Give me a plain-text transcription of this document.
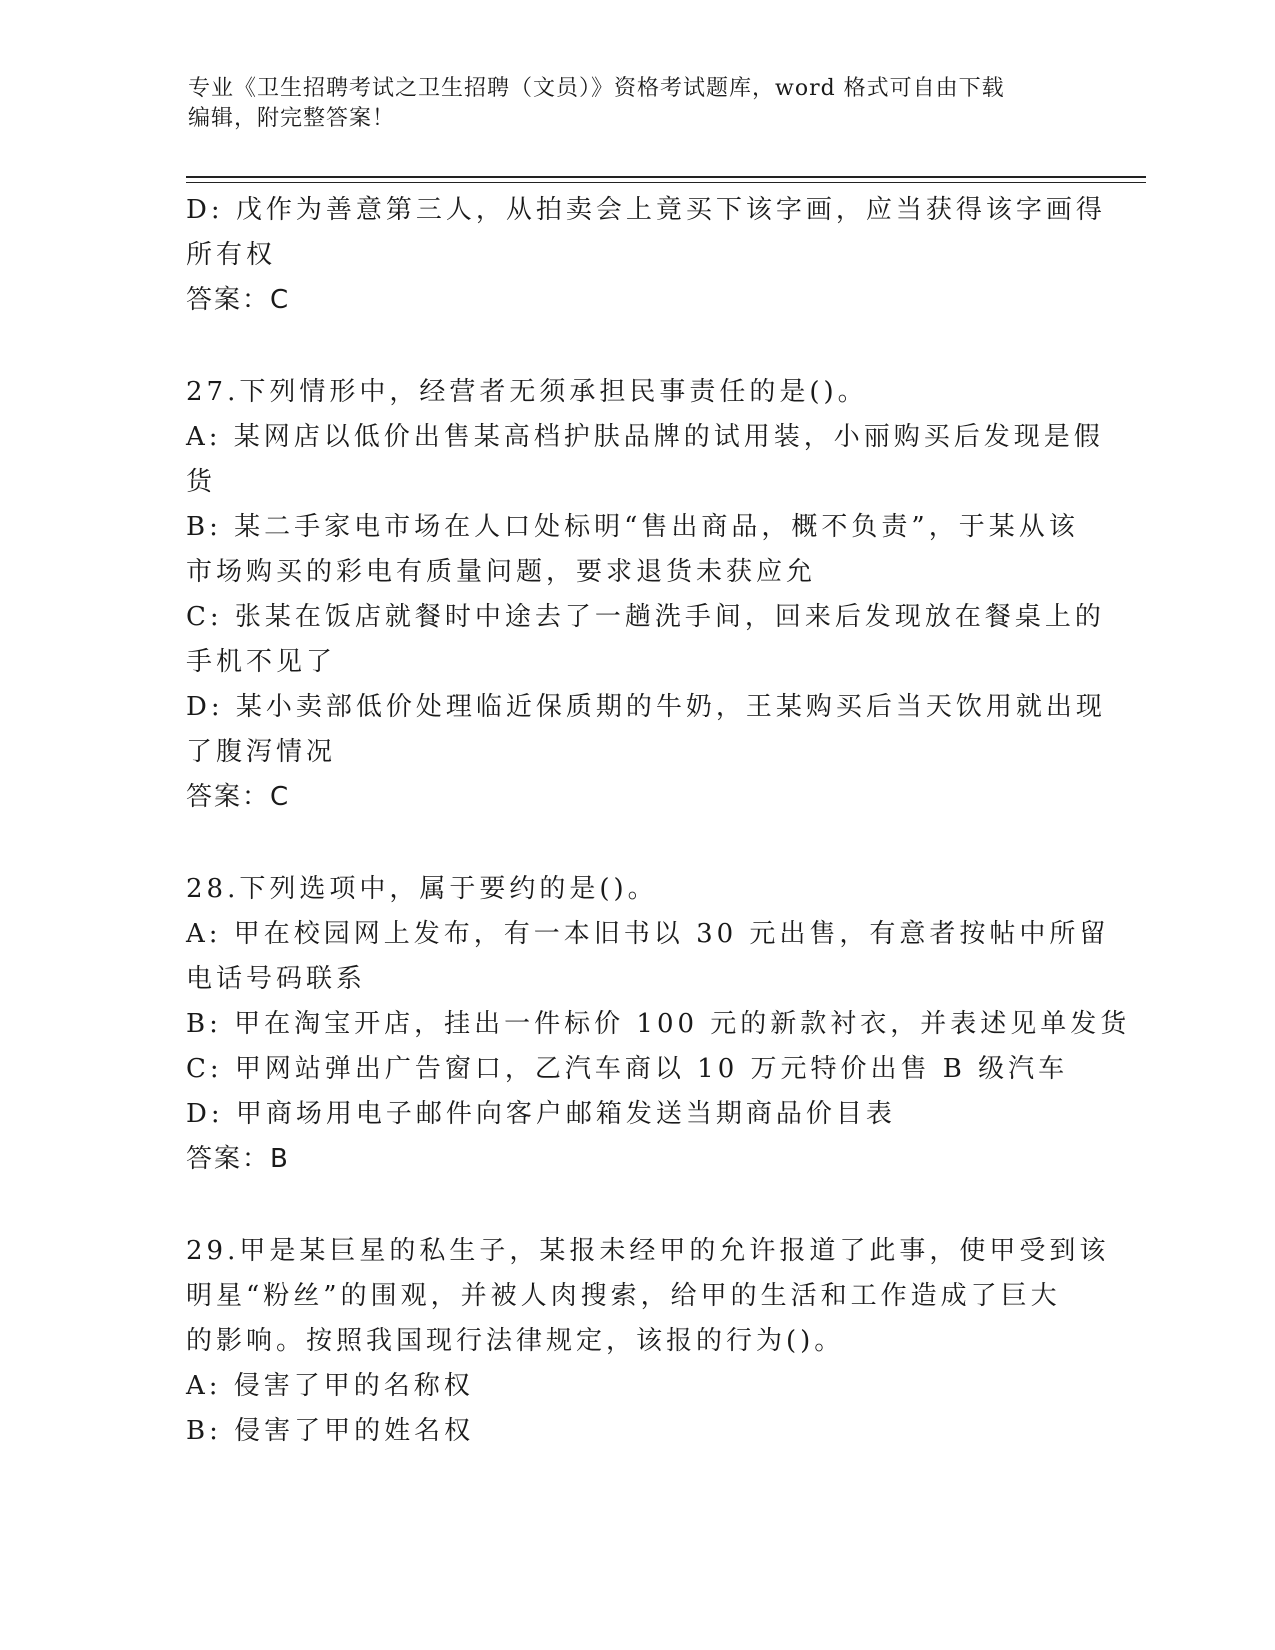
专业《卫生招聘考试之卫生招聘（文员）》资格考试题库，word 格式可自由下载
编辑，附完整答案！
D: 戊作为善意第三人，从拍卖会上竟买下该字画，应当获得该字画得
所有权
答案：C
27.下列情形中，经营者无须承担民事责任的是()。
A: 某网店以低价出售某高档护肤品牌的试用装，小丽购买后发现是假
货
B: 某二手家电市场在人口处标明“售出商品，概不负责”，于某从该
市场购买的彩电有质量问题，要求退货未获应允
C: 张某在饭店就餐时中途去了一趟洗手间，回来后发现放在餐桌上的
手机不见了
D: 某小卖部低价处理临近保质期的牛奶，王某购买后当天饮用就出现
了腹泻情况
答案：C
28.下列选项中，属于要约的是()。
A: 甲在校园网上发布，有一本旧书以 30 元出售，有意者按帖中所留
电话号码联系
B: 甲在淘宝开店，挂出一件标价 100 元的新款衬衣，并表述见单发货
C: 甲网站弹出广告窗口，乙汽车商以 10 万元特价出售 B 级汽车
D: 甲商场用电子邮件向客户邮箱发送当期商品价目表
答案：B
29.甲是某巨星的私生子，某报未经甲的允许报道了此事，使甲受到该
明星“粉丝”的围观，并被人肉搜索，给甲的生活和工作造成了巨大
的影响。按照我国现行法律规定，该报的行为()。
A: 侵害了甲的名称权
B: 侵害了甲的姓名权
